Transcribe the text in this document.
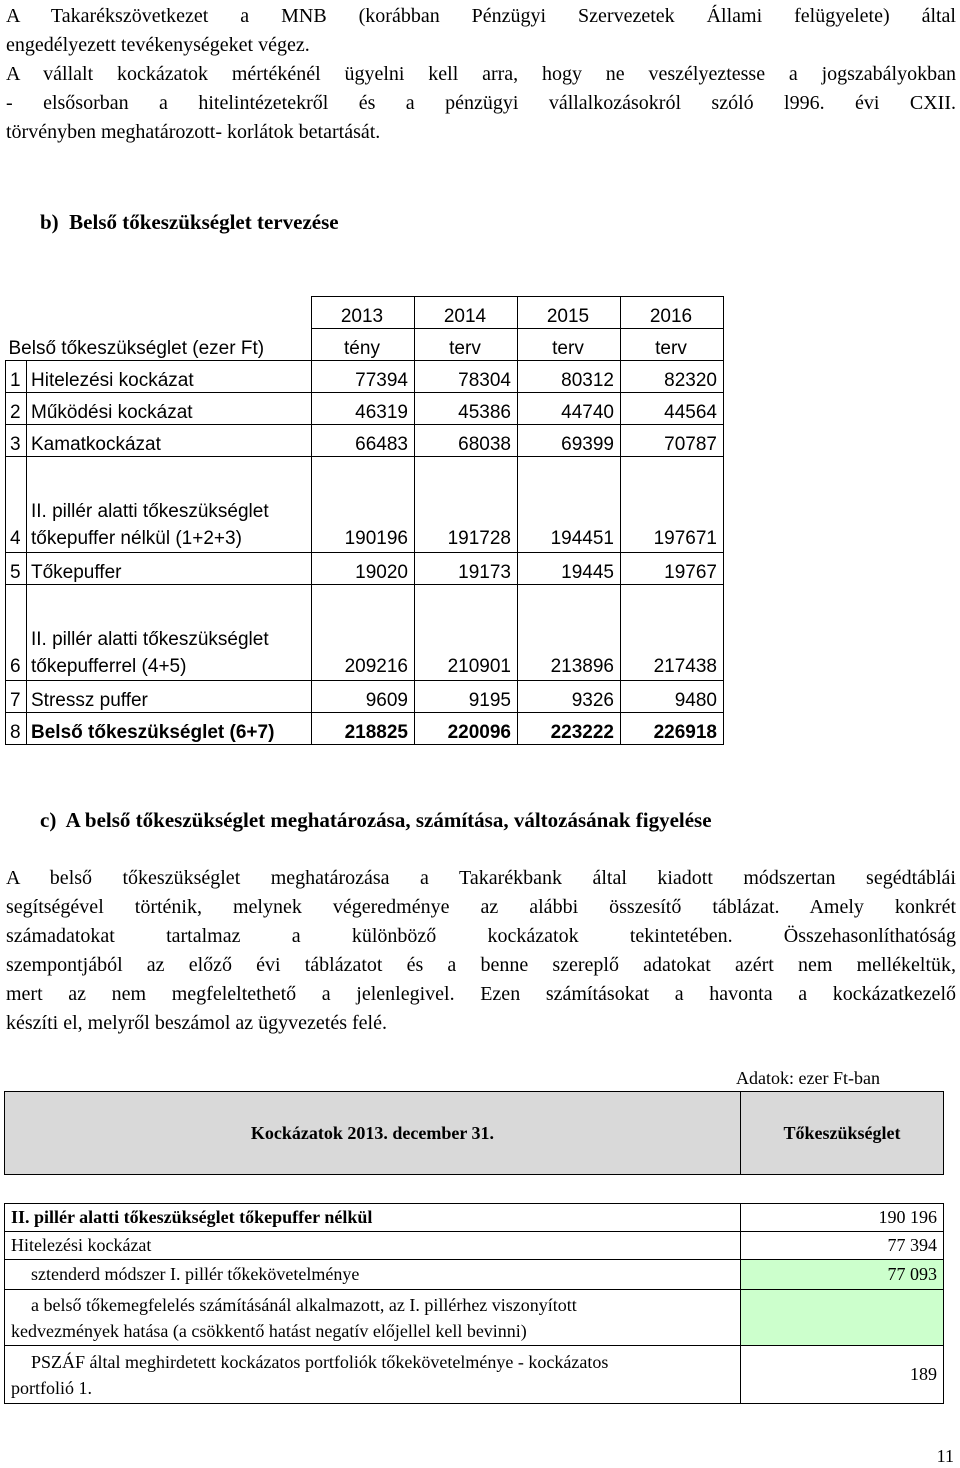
A Takarékszövetkezet a MNB (korábban Pénzügyi Szervezetek Állami felügyelete) által
engedélyezett tevékenységeket végez.
A vállalt kockázatok mértékénél ügyelni kell arra, hogy ne veszélyeztesse a jogszabályokban
- elsősorban a hitelintézetekről és a pénzügyi vállalkozásokról szóló l996. évi CXII.
törvényben meghatározott- korlátok betartását.
b)  Belső tőkeszükséglet tervezése
		2013	2014	2015	2016
Belső tőkeszükséglet (ezer Ft)		tény	terv	terv	terv
1	Hitelezési kockázat	77394	78304	80312	82320
2	Működési kockázat	46319	45386	44740	44564
3	Kamatkockázat	66483	68038	69399	70787
4	II. pillér alatti tőkeszükséglet
tőkepuffer nélkül (1+2+3)	190196	191728	194451	197671
5	Tőkepuffer	19020	19173	19445	19767
6	II. pillér alatti tőkeszükséglet
tőkepufferrel (4+5)	209216	210901	213896	217438
7	Stressz puffer	9609	9195	9326	9480
8	Belső tőkeszükséglet (6+7)	218825	220096	223222	226918
c)  A belső tőkeszükséglet meghatározása, számítása, változásának figyelése
A belső tőkeszükséglet meghatározása a Takarékbank által kiadott módszertan segédtáblái
segítségével történik, melynek végeredménye az alábbi összesítő táblázat. Amely konkrét
számadatokat tartalmaz a különböző kockázatok tekintetében. Összehasonlíthatóság
szempontjából az előző évi táblázatot és a benne szereplő adatokat azért nem mellékeltük,
mert az nem megfeleltethető a jelenlegivel. Ezen számításokat a havonta a kockázatkezelő
készíti el, melyről beszámol az ügyvezetés felé.
Adatok: ezer Ft-ban
Kockázatok 2013. december 31.	Tőkeszükséglet

II. pillér alatti tőkeszükséglet tőkepuffer nélkül	190 196
Hitelezési kockázat	77 394
sztenderd módszer I. pillér tőkekövetelménye	77 093
a belső tőkemegfelelés számításánál alkalmazott, az I. pillérhez viszonyított
kedvezmények hatása (a csökkentő hatást negatív előjellel kell bevinni)	
PSZÁF által meghirdetett kockázatos portfoliók tőkekövetelménye - kockázatos
portfolió 1.	189
11
